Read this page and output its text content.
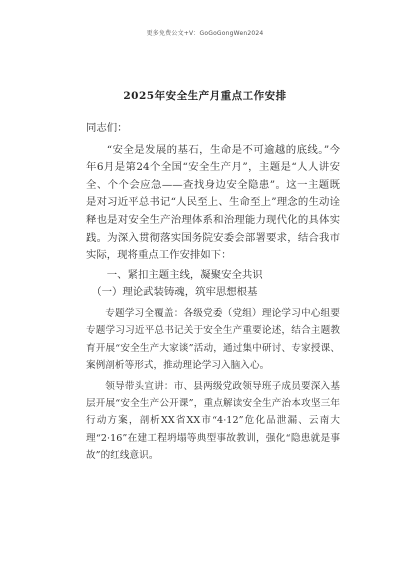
更多免费公文+V：GoGoGongWen2024
2025年安全生产月重点工作安排

同志们：

“安全是发展的基石，生命是不可逾越的底线。”今年6月是第24个全国“安全生产月”，主题是“人人讲安全、个个会应急——查找身边安全隐患”。这一主题既是对习近平总书记“人民至上、生命至上”理念的生动诠释也是对安全生产治理体系和治理能力现代化的具体实践。为深入贯彻落实国务院安委会部署要求，结合我市实际，现将重点工作安排如下：

一、紧扣主题主线，凝聚安全共识

（一）理论武装铸魂，筑牢思想根基

专题学习全覆盖：各级党委（党组）理论学习中心组要专题学习习近平总书记关于安全生产重要论述，结合主题教育开展“安全生产大家谈”活动，通过集中研讨、专家授课、案例剖析等形式，推动理论学习入脑入心。

领导带头宣讲：市、县两级党政领导班子成员要深入基层开展“安全生产公开课”，重点解读安全生产治本攻坚三年行动方案，剖析XX省XX市“4·12”危化品泄漏、云南大理“2·16”在建工程坍塌等典型事故教训，强化“隐患就是事故”的红线意识。
